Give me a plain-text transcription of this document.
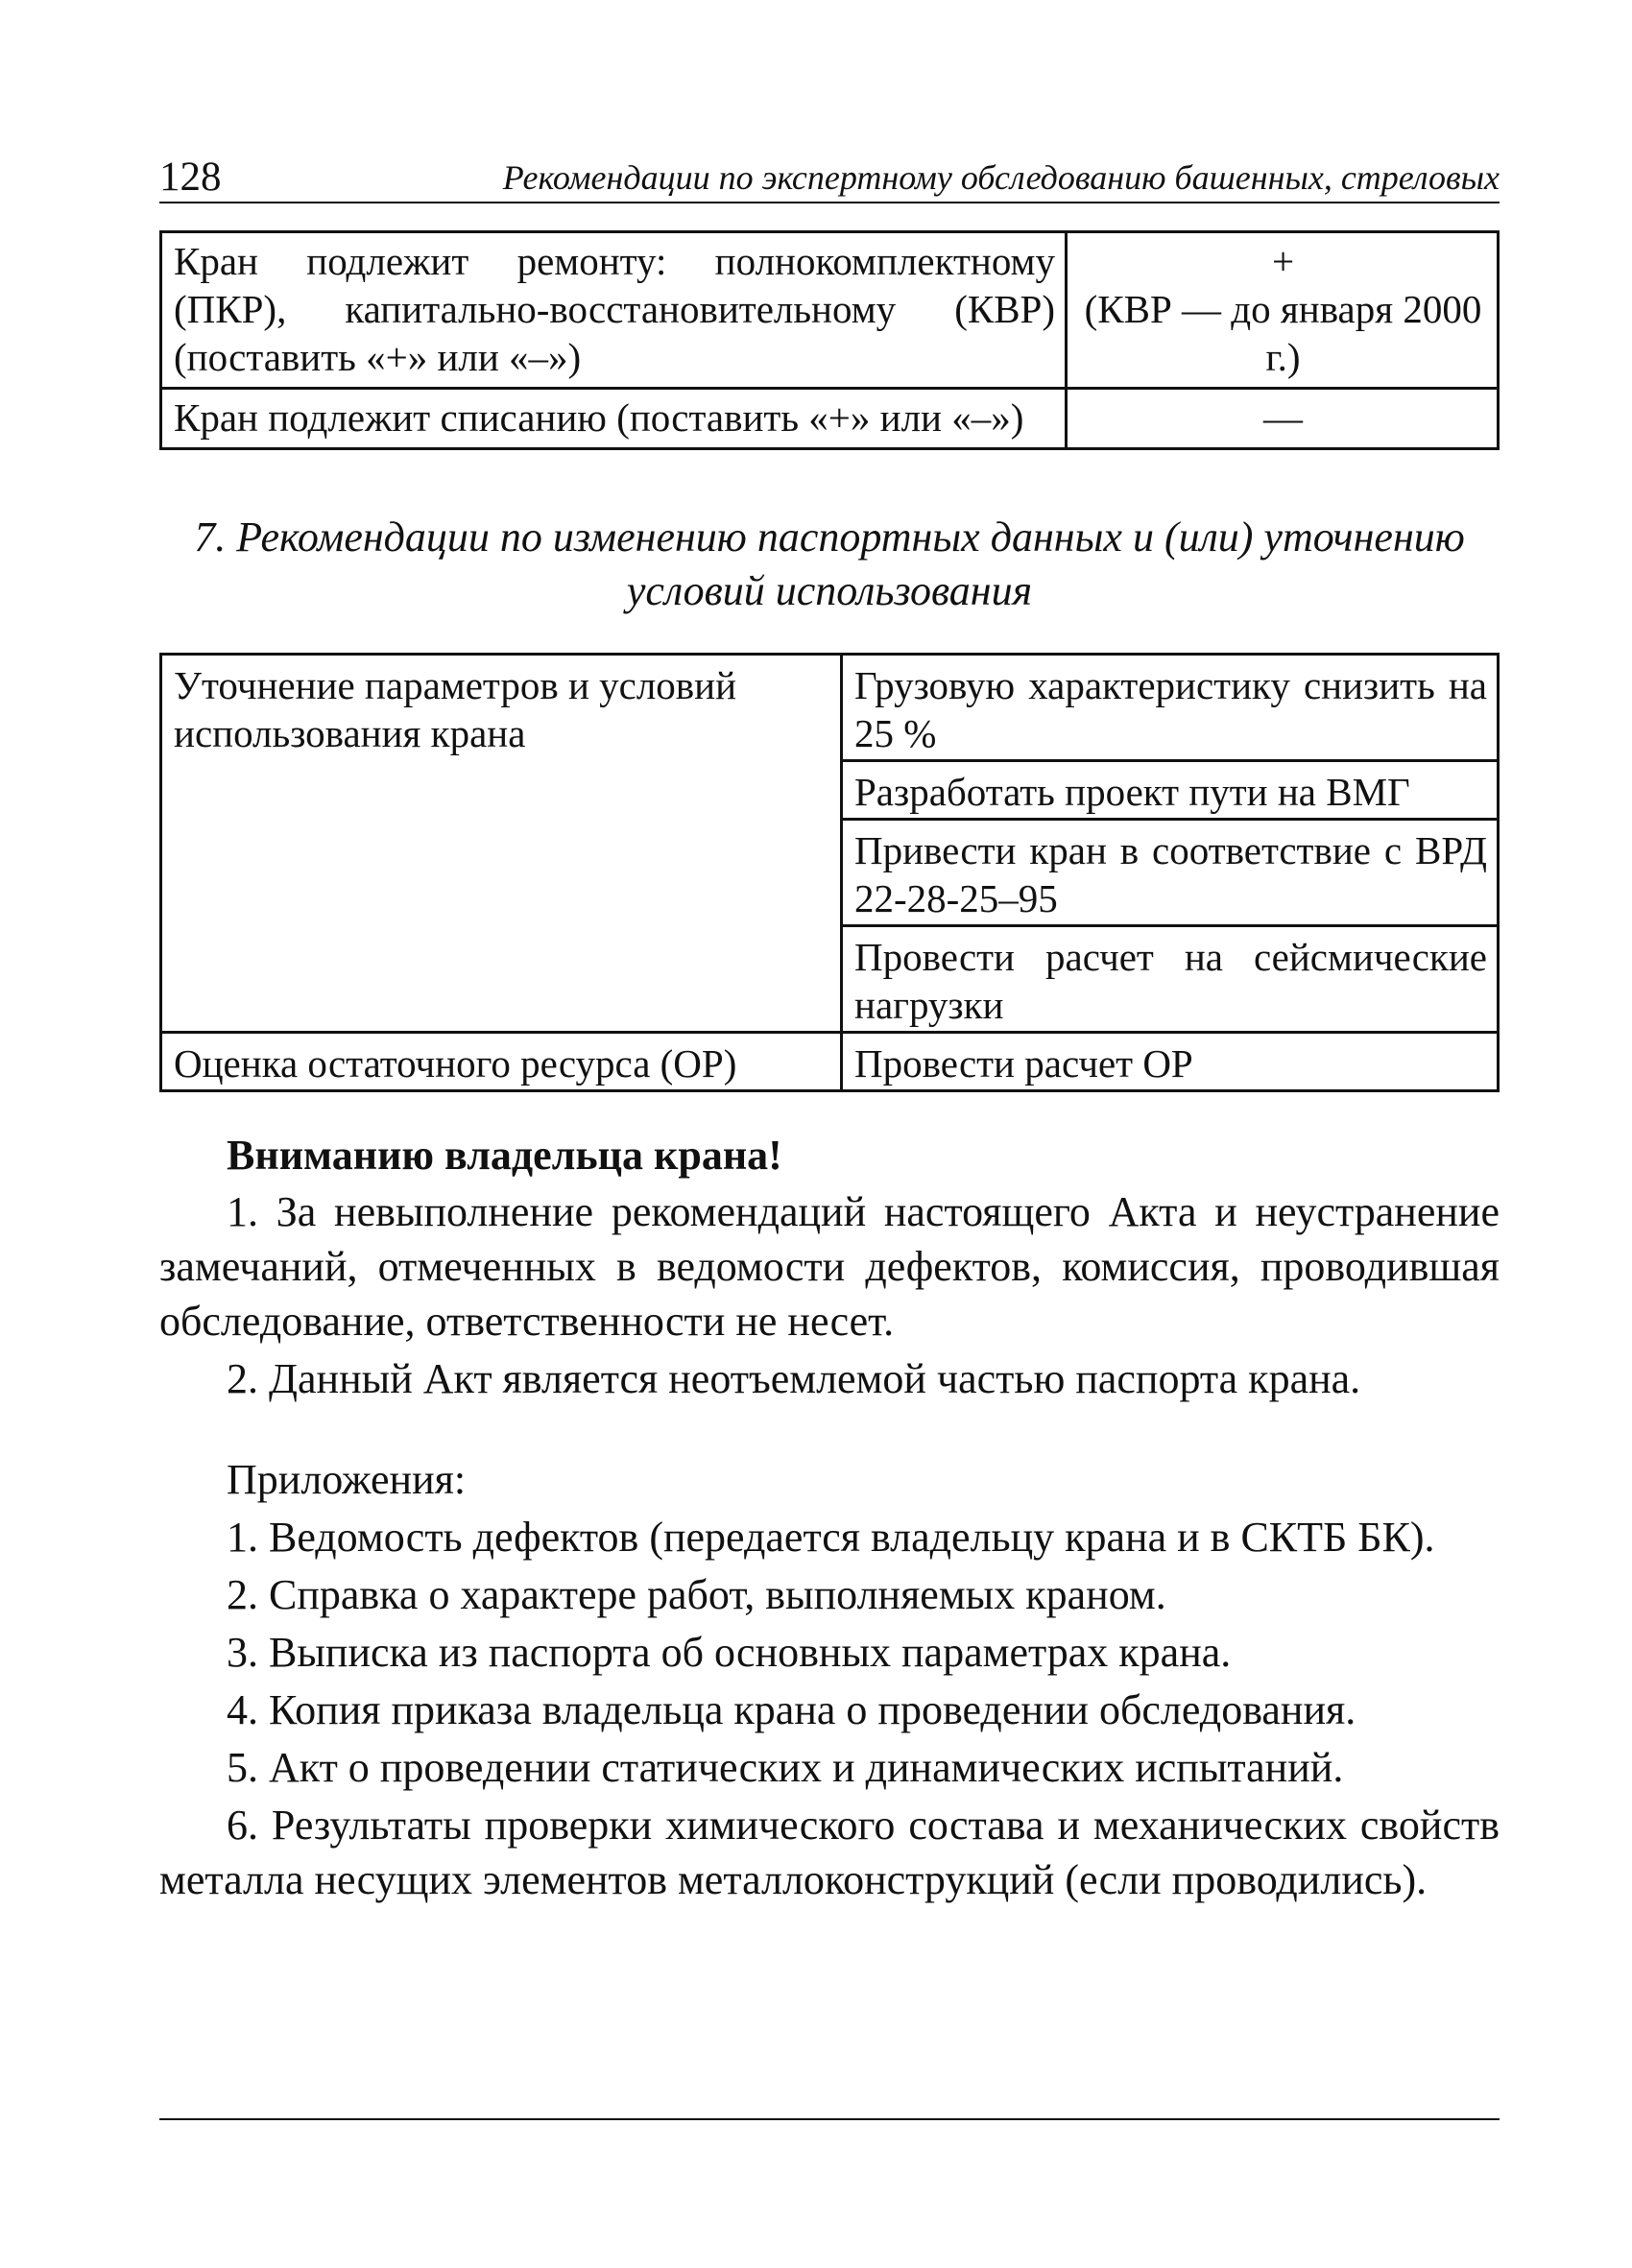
128	Рекомендации по экспертному обследованию башенных, стреловых
Кран подлежит ремонту: полнокомплектному (ПКР), капитально-восстановительному (КВР) (поставить «+» или «–»)	+
(КВР — до января 2000 г.)

Кран подлежит списанию (поставить «+» или «–»)	—
7. Рекомендации по изменению паспортных данных и (или) уточнению условий использования
Уточнение параметров и условий использования крана	Грузовую характеристику снизить на 25 %
	Разработать проект пути на ВМГ
	Привести кран в соответствие с ВРД 22-28-25–95
	Провести расчет на сейсмические нагрузки
Оценка остаточного ресурса (ОР)	Провести расчет ОР
Вниманию владельца крана!

1. За невыполнение рекомендаций настоящего Акта и неустранение замечаний, отмеченных в ведомости дефектов, комиссия, проводившая обследование, ответственности не несет.

2. Данный Акт является неотъемлемой частью паспорта крана.

Приложения:

1. Ведомость дефектов (передается владельцу крана и в СКТБ БК).

2. Справка о характере работ, выполняемых краном.

3. Выписка из паспорта об основных параметрах крана.

4. Копия приказа владельца крана о проведении обследования.

5. Акт о проведении статических и динамических испытаний.

6. Результаты проверки химического состава и механических свойств металла несущих элементов металлоконструкций (если проводились).
